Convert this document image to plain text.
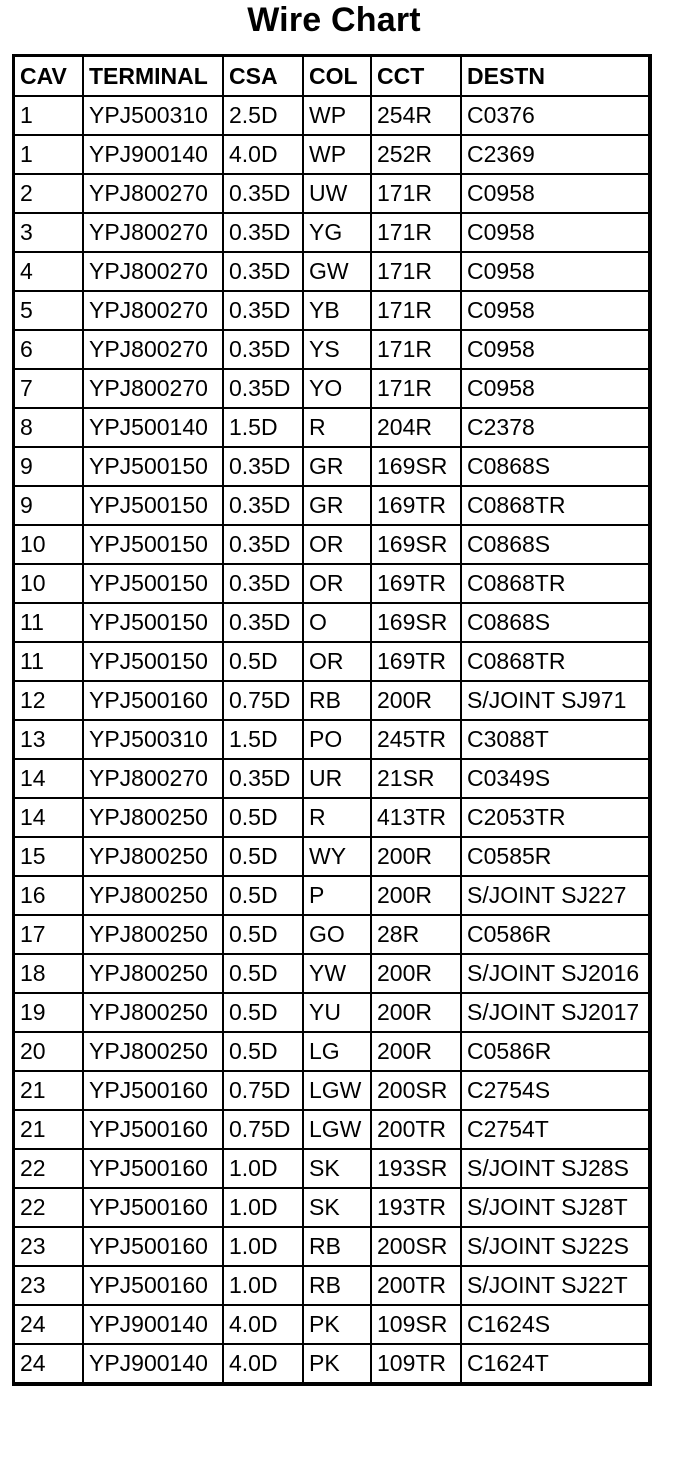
Wire Chart
CAV	TERMINAL	CSA	COL	CCT	DESTN
1	YPJ500310	2.5D	WP	254R	C0376
1	YPJ900140	4.0D	WP	252R	C2369
2	YPJ800270	0.35D	UW	171R	C0958
3	YPJ800270	0.35D	YG	171R	C0958
4	YPJ800270	0.35D	GW	171R	C0958
5	YPJ800270	0.35D	YB	171R	C0958
6	YPJ800270	0.35D	YS	171R	C0958
7	YPJ800270	0.35D	YO	171R	C0958
8	YPJ500140	1.5D	R	204R	C2378
9	YPJ500150	0.35D	GR	169SR	C0868S
9	YPJ500150	0.35D	GR	169TR	C0868TR
10	YPJ500150	0.35D	OR	169SR	C0868S
10	YPJ500150	0.35D	OR	169TR	C0868TR
11	YPJ500150	0.35D	O	169SR	C0868S
11	YPJ500150	0.5D	OR	169TR	C0868TR
12	YPJ500160	0.75D	RB	200R	S/JOINT SJ971
13	YPJ500310	1.5D	PO	245TR	C3088T
14	YPJ800270	0.35D	UR	21SR	C0349S
14	YPJ800250	0.5D	R	413TR	C2053TR
15	YPJ800250	0.5D	WY	200R	C0585R
16	YPJ800250	0.5D	P	200R	S/JOINT SJ227
17	YPJ800250	0.5D	GO	28R	C0586R
18	YPJ800250	0.5D	YW	200R	S/JOINT SJ2016
19	YPJ800250	0.5D	YU	200R	S/JOINT SJ2017
20	YPJ800250	0.5D	LG	200R	C0586R
21	YPJ500160	0.75D	LGW	200SR	C2754S
21	YPJ500160	0.75D	LGW	200TR	C2754T
22	YPJ500160	1.0D	SK	193SR	S/JOINT SJ28S
22	YPJ500160	1.0D	SK	193TR	S/JOINT SJ28T
23	YPJ500160	1.0D	RB	200SR	S/JOINT SJ22S
23	YPJ500160	1.0D	RB	200TR	S/JOINT SJ22T
24	YPJ900140	4.0D	PK	109SR	C1624S
24	YPJ900140	4.0D	PK	109TR	C1624T
